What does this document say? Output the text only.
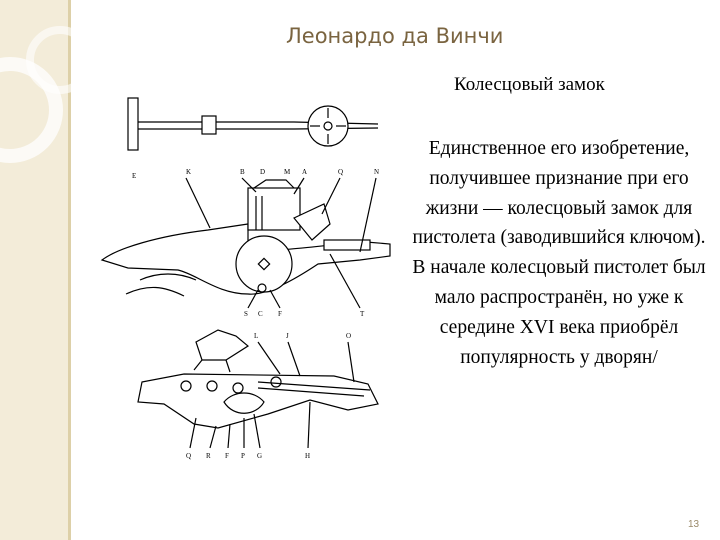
Леонардо да Винчи
Колесцовый замок
E	K	B D	M A	Q	N
S C F	T
L	J	O
Q R F P G	H
Единственное его изобретение, получившее признание при его жизни — колесцовый замок для пистолета (заводившийся ключом). В начале колесцовый пистолет был мало распространён, но уже к середине XVI века приобрёл популярность у дворян/
13
